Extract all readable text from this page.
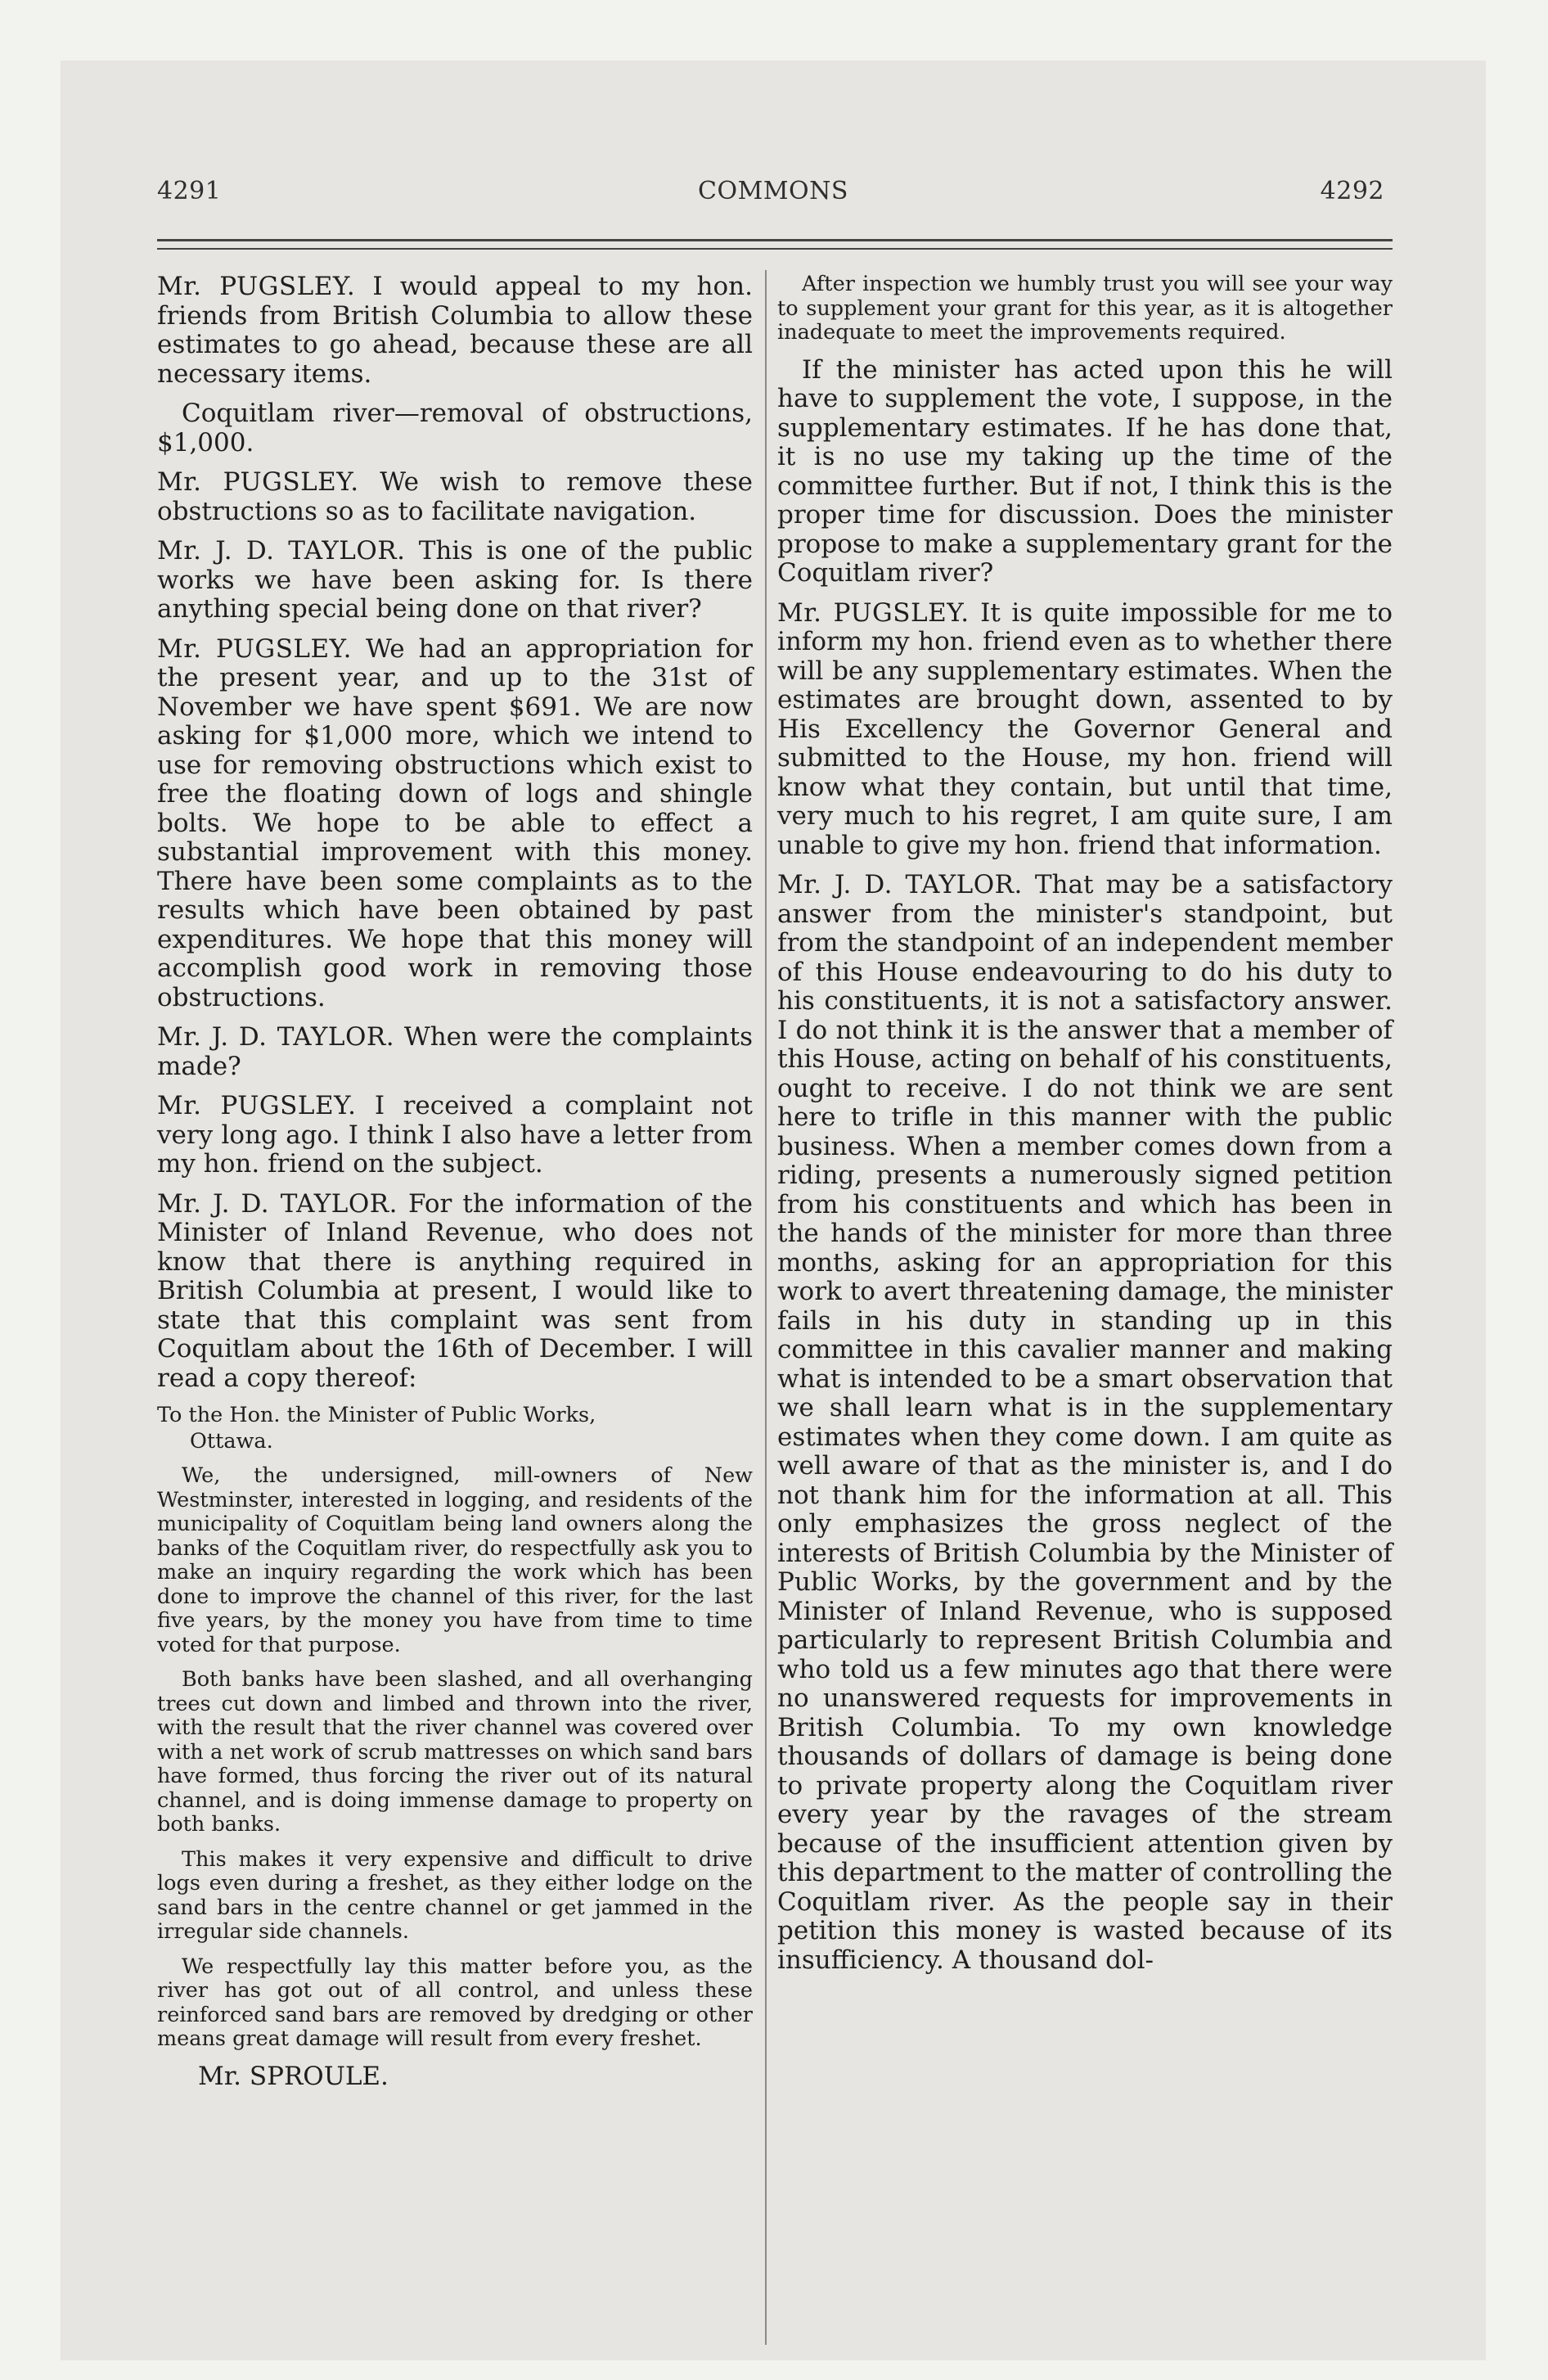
4291	COMMONS	4292

Mr. PUGSLEY. I would appeal to my hon. friends from British Columbia to allow these estimates to go ahead, because these are all necessary items.

Coquitlam river—removal of obstructions, $1,000.

Mr. PUGSLEY. We wish to remove these obstructions so as to facilitate navigation.

Mr. J. D. TAYLOR. This is one of the public works we have been asking for. Is there anything special being done on that river?

Mr. PUGSLEY. We had an appropriation for the present year, and up to the 31st of November we have spent $691. We are now asking for $1,000 more, which we intend to use for removing obstructions which exist to free the floating down of logs and shingle bolts. We hope to be able to effect a substantial improvement with this money. There have been some complaints as to the results which have been obtained by past expenditures. We hope that this money will accomplish good work in removing those obstructions.

Mr. J. D. TAYLOR. When were the complaints made?

Mr. PUGSLEY. I received a complaint not very long ago. I think I also have a letter from my hon. friend on the subject.

Mr. J. D. TAYLOR. For the information of the Minister of Inland Revenue, who does not know that there is anything required in British Columbia at present, I would like to state that this complaint was sent from Coquitlam about the 16th of December. I will read a copy thereof:

To the Hon. the Minister of Public Works,

Ottawa.

We, the undersigned, mill-owners of New Westminster, interested in logging, and residents of the municipality of Coquitlam being land owners along the banks of the Coquitlam river, do respectfully ask you to make an inquiry regarding the work which has been done to improve the channel of this river, for the last five years, by the money you have from time to time voted for that purpose.

Both banks have been slashed, and all overhanging trees cut down and limbed and thrown into the river, with the result that the river channel was covered over with a net work of scrub mattresses on which sand bars have formed, thus forcing the river out of its natural channel, and is doing immense damage to property on both banks.

This makes it very expensive and difficult to drive logs even during a freshet, as they either lodge on the sand bars in the centre channel or get jammed in the irregular side channels.

We respectfully lay this matter before you, as the river has got out of all control, and unless these reinforced sand bars are removed by dredging or other means great damage will result from every freshet.

Mr. SPROULE.

After inspection we humbly trust you will see your way to supplement your grant for this year, as it is altogether inadequate to meet the improvements required.

If the minister has acted upon this he will have to supplement the vote, I suppose, in the supplementary estimates. If he has done that, it is no use my taking up the time of the committee further. But if not, I think this is the proper time for discussion. Does the minister propose to make a supplementary grant for the Coquitlam river?

Mr. PUGSLEY. It is quite impossible for me to inform my hon. friend even as to whether there will be any supplementary estimates. When the estimates are brought down, assented to by His Excellency the Governor General and submitted to the House, my hon. friend will know what they contain, but until that time, very much to his regret, I am quite sure, I am unable to give my hon. friend that information.

Mr. J. D. TAYLOR. That may be a satisfactory answer from the minister's standpoint, but from the standpoint of an independent member of this House endeavouring to do his duty to his constituents, it is not a satisfactory answer. I do not think it is the answer that a member of this House, acting on behalf of his constituents, ought to receive. I do not think we are sent here to trifle in this manner with the public business. When a member comes down from a riding, presents a numerously signed petition from his constituents and which has been in the hands of the minister for more than three months, asking for an appropriation for this work to avert threatening damage, the minister fails in his duty in standing up in this committee in this cavalier manner and making what is intended to be a smart observation that we shall learn what is in the supplementary estimates when they come down. I am quite as well aware of that as the minister is, and I do not thank him for the information at all. This only emphasizes the gross neglect of the interests of British Columbia by the Minister of Public Works, by the government and by the Minister of Inland Revenue, who is supposed particularly to represent British Columbia and who told us a few minutes ago that there were no unanswered requests for improvements in British Columbia. To my own knowledge thousands of dollars of damage is being done to private property along the Coquitlam river every year by the ravages of the stream because of the insufficient attention given by this department to the matter of controlling the Coquitlam river. As the people say in their petition this money is wasted because of its insufficiency. A thousand dol-
